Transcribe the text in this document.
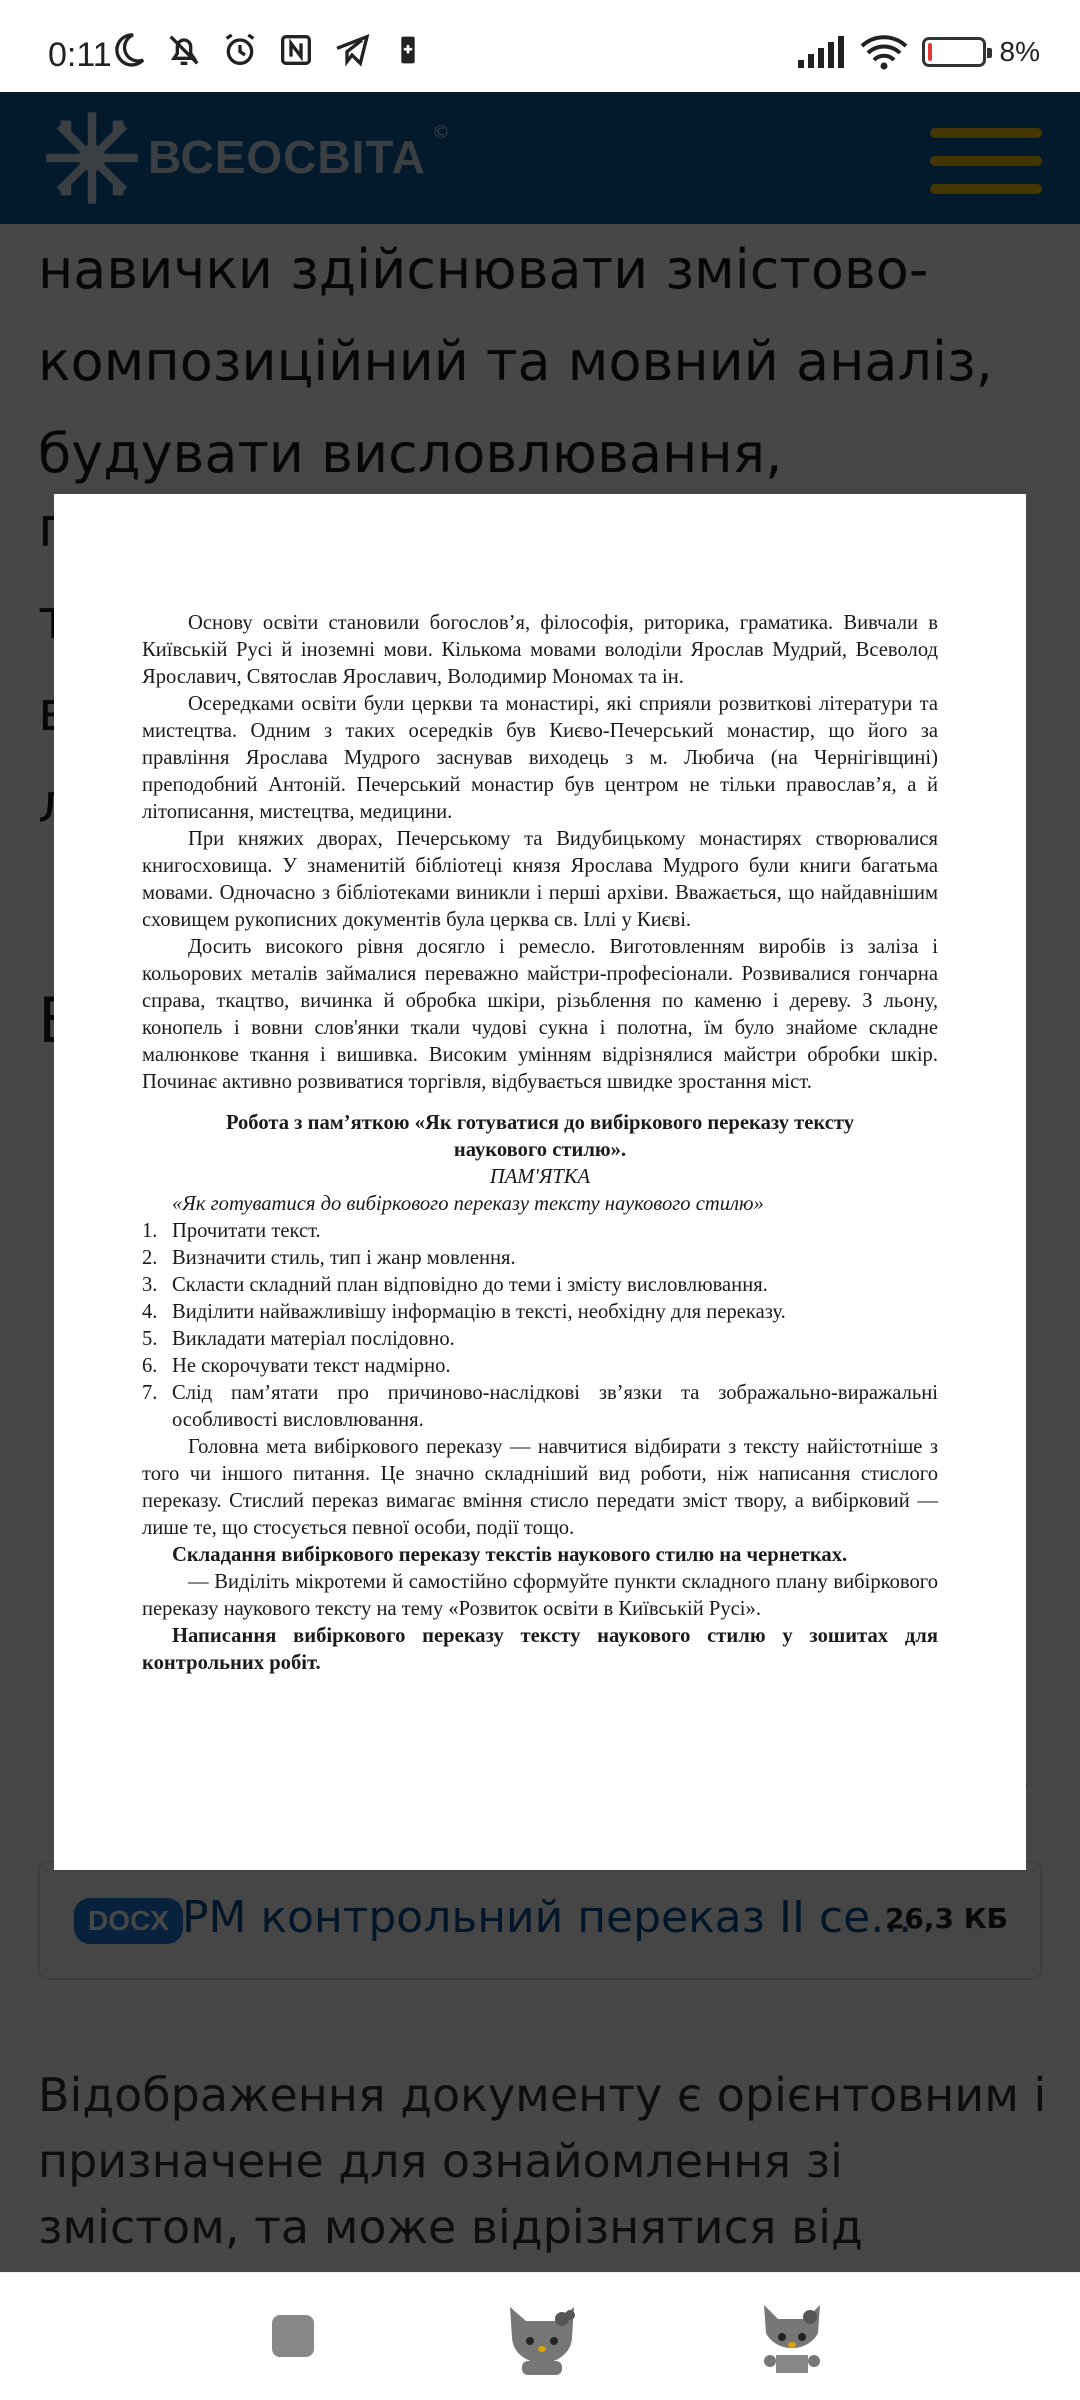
0:11	8%

Основу освіти становили богослов’я, філософія, риторика, граматика. Вивчали в Київській Русі й іноземні мови. Кількома мовами володіли Ярослав Мудрий, Всеволод Ярославич, Святослав Ярославич, Володимир Мономах та ін.

Осередками освіти були церкви та монастирі, які сприяли розвиткові літератури та мистецтва. Одним з таких осередків був Києво-Печерський монастир, що його за правління Ярослава Мудрого заснував виходець з м. Любича (на Чернігівщині) преподобний Антоній. Печерський монастир був центром не тільки православ’я, а й літописання, мистецтва, медицини.

При княжих дворах, Печерському та Видубицькому монастирях створювалися книгосховища. У знаменитій бібліотеці князя Ярослава Мудрого були книги багатьма мовами. Одночасно з бібліотеками виникли і перші архіви. Вважається, що найдавнішим сховищем рукописних документів була церква св. Іллі у Києві.

Досить високого рівня досягло і ремесло. Виготовленням виробів із заліза і кольорових металів займалися переважно майстри-професіонали. Розвивалися гончарна справа, ткацтво, вичинка й обробка шкіри, різьблення по каменю і дереву. З льону, конопель і вовни слов'янки ткали чудові сукна і полотна, їм було знайоме складне малюнкове ткання і вишивка. Високим умінням відрізнялися майстри обробки шкір. Починає активно розвиватися торгівля, відбувається швидке зростання міст.

Робота з пам’яткою «Як готуватися до вибіркового переказу тексту
наукового стилю».
ПАМ'ЯТКА
«Як готуватися до вибіркового переказу тексту наукового стилю»
1. Прочитати текст.
2. Визначити стиль, тип і жанр мовлення.
3. Скласти складний план відповідно до теми і змісту висловлювання.
4. Виділити найважливішу інформацію в тексті, необхідну для переказу.
5. Викладати матеріал послідовно.
6. Не скорочувати текст надмірно.
7. Слід пам’ятати про причиново-наслідкові зв’язки та зображально-виражальні особливості висловлювання.

Головна мета вибіркового переказу — навчитися відбирати з тексту найістотніше з того чи іншого питання. Це значно складніший вид роботи, ніж написання стислого переказу. Стислий переказ вимагає вміння стисло передати зміст твору, а вибірковий — лише те, що стосується певної особи, події тощо.

Складання вибіркового переказу текстів наукового стилю на чернетках.

— Виділіть мікротеми й самостійно сформуйте пункти складного плану вибіркового переказу наукового тексту на тему «Розвиток освіти в Київській Русі».

Написання вибіркового переказу тексту наукового стилю у зошитах для контрольних робіт.
